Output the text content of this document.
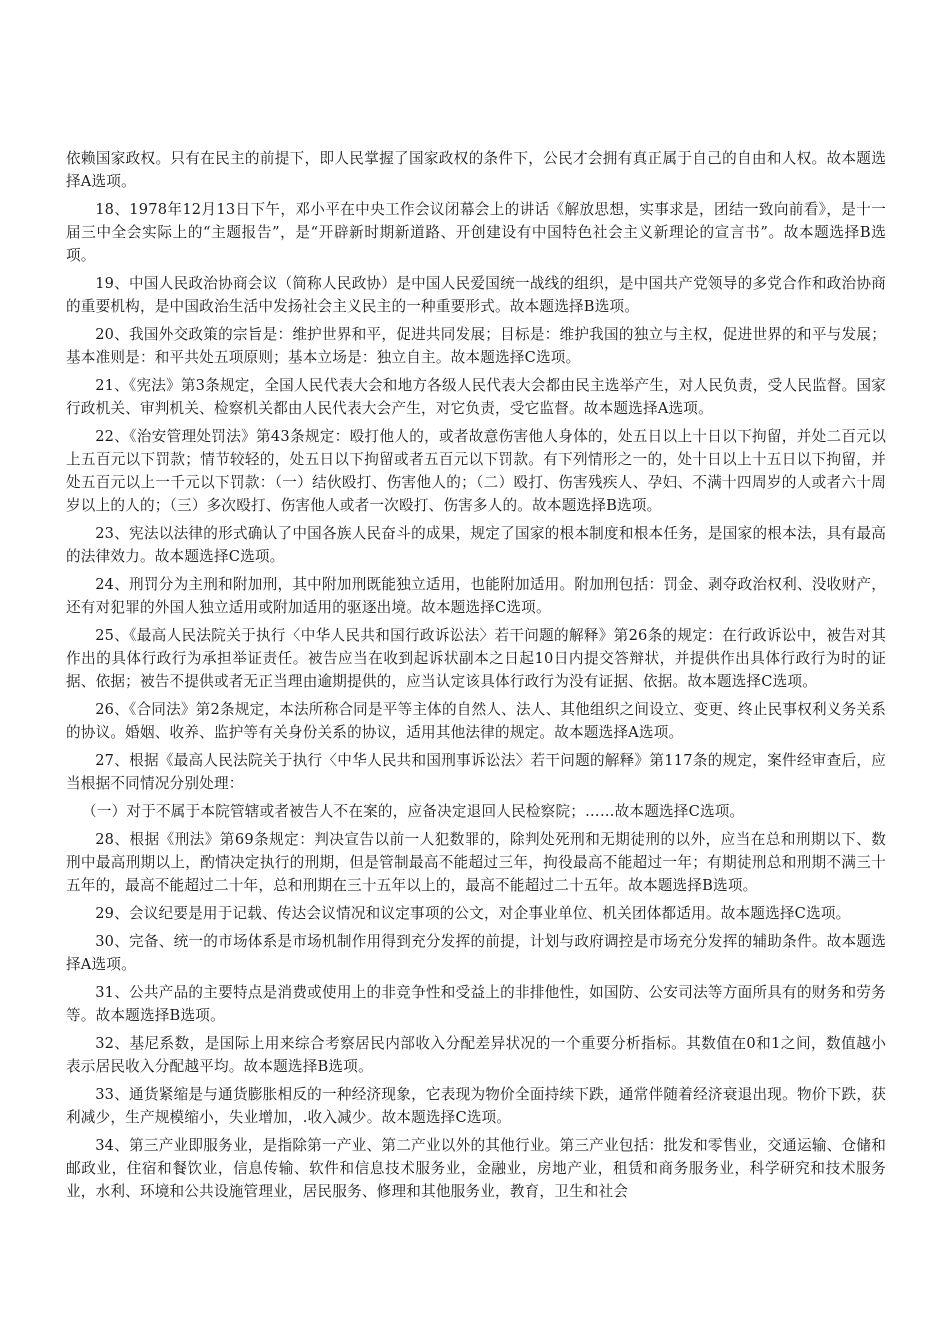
依赖国家政权。只有在民主的前提下，即人民掌握了国家政权的条件下，公民才会拥有真正属于自己的自由和人权。故本题选择A选项。

18、1978年12月13日下午，邓小平在中央工作会议闭幕会上的讲话《解放思想，实事求是，团结一致向前看》，是十一届三中全会实际上的“主题报告”，是“开辟新时期新道路、开创建设有中国特色社会主义新理论的宣言书”。故本题选择B选项。

19、中国人民政治协商会议（简称人民政协）是中国人民爱国统一战线的组织，是中国共产党领导的多党合作和政治协商的重要机构，是中国政治生活中发扬社会主义民主的一种重要形式。故本题选择B选项。

20、我国外交政策的宗旨是：维护世界和平，促进共同发展；目标是：维护我国的独立与主权，促进世界的和平与发展；基本准则是：和平共处五项原则；基本立场是：独立自主。故本题选择C选项。

21、《宪法》第3条规定，全国人民代表大会和地方各级人民代表大会都由民主选举产生，对人民负责，受人民监督。国家行政机关、审判机关、检察机关都由人民代表大会产生，对它负责，受它监督。故本题选择A选项。

22、《治安管理处罚法》第43条规定：殴打他人的，或者故意伤害他人身体的，处五日以上十日以下拘留，并处二百元以上五百元以下罚款；情节较轻的，处五日以下拘留或者五百元以下罚款。有下列情形之一的，处十日以上十五日以下拘留，并处五百元以上一千元以下罚款：（一）结伙殴打、伤害他人的；（二）殴打、伤害残疾人、孕妇、不满十四周岁的人或者六十周岁以上的人的；（三）多次殴打、伤害他人或者一次殴打、伤害多人的。故本题选择B选项。

23、宪法以法律的形式确认了中国各族人民奋斗的成果，规定了国家的根本制度和根本任务，是国家的根本法，具有最高的法律效力。故本题选择C选项。

24、刑罚分为主刑和附加刑，其中附加刑既能独立适用，也能附加适用。附加刑包括：罚金、剥夺政治权利、没收财产，还有对犯罪的外国人独立适用或附加适用的驱逐出境。故本题选择C选项。

25、《最高人民法院关于执行〈中华人民共和国行政诉讼法〉若干问题的解释》第26条的规定：在行政诉讼中，被告对其作出的具体行政行为承担举证责任。被告应当在收到起诉状副本之日起10日内提交答辩状，并提供作出具体行政行为时的证据、依据；被告不提供或者无正当理由逾期提供的，应当认定该具体行政行为没有证据、依据。故本题选择C选项。

26、《合同法》第2条规定，本法所称合同是平等主体的自然人、法人、其他组织之间设立、变更、终止民事权利义务关系的协议。婚姻、收养、监护等有关身份关系的协议，适用其他法律的规定。故本题选择A选项。

27、根据《最高人民法院关于执行〈中华人民共和国刑事诉讼法〉若干问题的解释》第117条的规定，案件经审查后，应当根据不同情况分别处理：

（一）对于不属于本院管辖或者被告人不在案的，应备决定退回人民检察院；……故本题选择C选项。

28、根据《刑法》第69条规定：判决宣告以前一人犯数罪的，除判处死刑和无期徒刑的以外，应当在总和刑期以下、数刑中最高刑期以上，酌情决定执行的刑期，但是管制最高不能超过三年，拘役最高不能超过一年；有期徒刑总和刑期不满三十五年的，最高不能超过二十年，总和刑期在三十五年以上的，最高不能超过二十五年。故本题选择B选项。

29、会议纪要是用于记载、传达会议情况和议定事项的公文，对企事业单位、机关团体都适用。故本题选择C选项。

30、完备、统一的市场体系是市场机制作用得到充分发挥的前提，计划与政府调控是市场充分发挥的辅助条件。故本题选择A选项。

31、公共产品的主要特点是消费或使用上的非竞争性和受益上的非排他性，如国防、公安司法等方面所具有的财务和劳务等。故本题选择B选项。

32、基尼系数，是国际上用来综合考察居民内部收入分配差异状况的一个重要分析指标。其数值在0和1之间，数值越小表示居民收入分配越平均。故本题选择B选项。

33、通货紧缩是与通货膨胀相反的一种经济现象，它表现为物价全面持续下跌，通常伴随着经济衰退出现。物价下跌，获利减少，生产规模缩小，失业增加，.收入减少。故本题选择C选项。

34、第三产业即服务业，是指除第一产业、第二产业以外的其他行业。第三产业包括：批发和零售业，交通运输、仓储和邮政业，住宿和餐饮业，信息传输、软件和信息技术服务业，金融业，房地产业，租赁和商务服务业，科学研究和技术服务业，水利、环境和公共设施管理业，居民服务、修理和其他服务业，教育，卫生和社会
